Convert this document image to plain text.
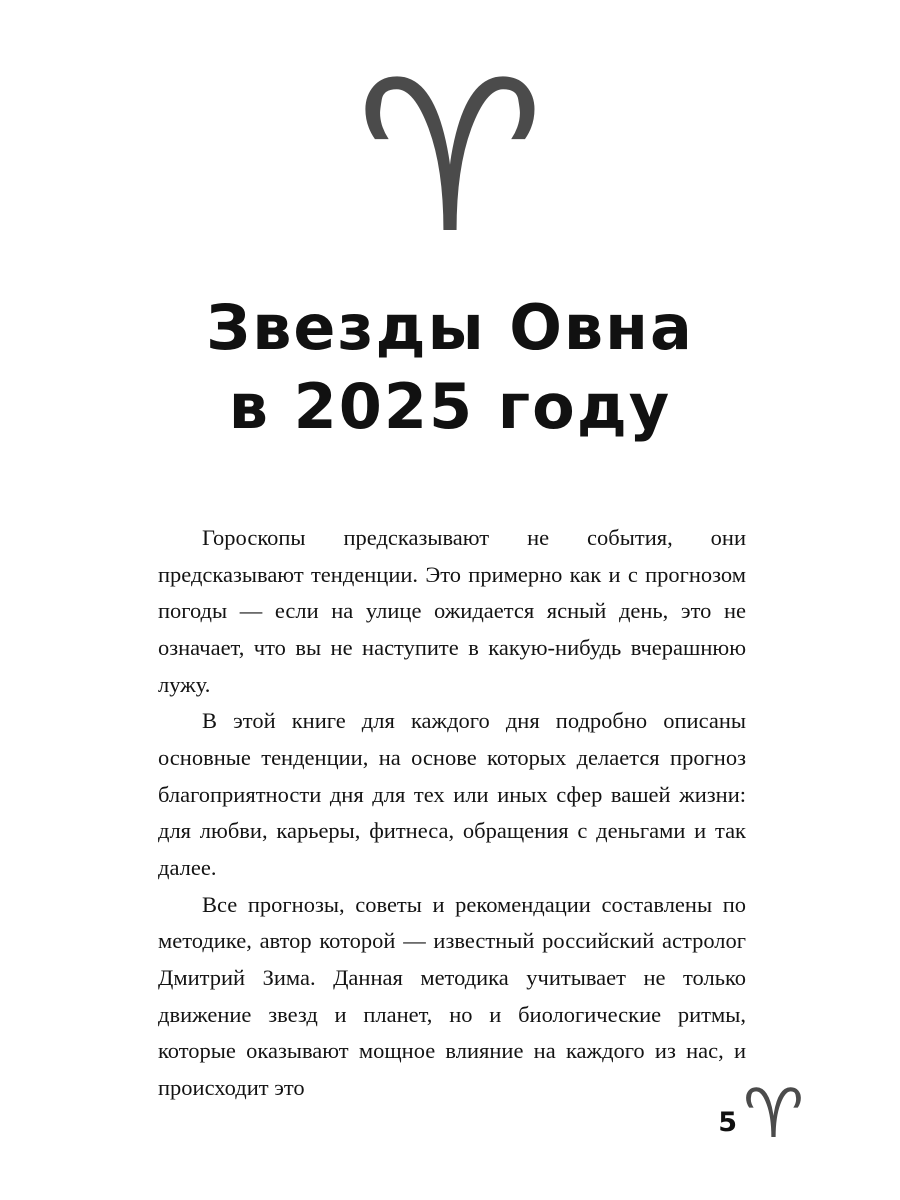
♈
Звезды Овна
в 2025 году

Гороскопы предсказывают не события, они предсказывают тенденции. Это примерно как и с прогнозом погоды — если на улице ожидается ясный день, это не означает, что вы не наступите в какую-нибудь вчерашнюю лужу.

В этой книге для каждого дня подробно описаны основные тенденции, на основе которых делается прогноз благоприятности дня для тех или иных сфер вашей жизни: для любви, карьеры, фитнеса, обращения с деньгами и так далее.

Все прогнозы, советы и рекомендации составлены по методике, автор которой — известный российский астролог Дмитрий Зима. Данная методика учитывает не только движение звезд и планет, но и биологические ритмы, которые оказывают мощное влияние на каждого из нас, и происходит это

5 ♈
